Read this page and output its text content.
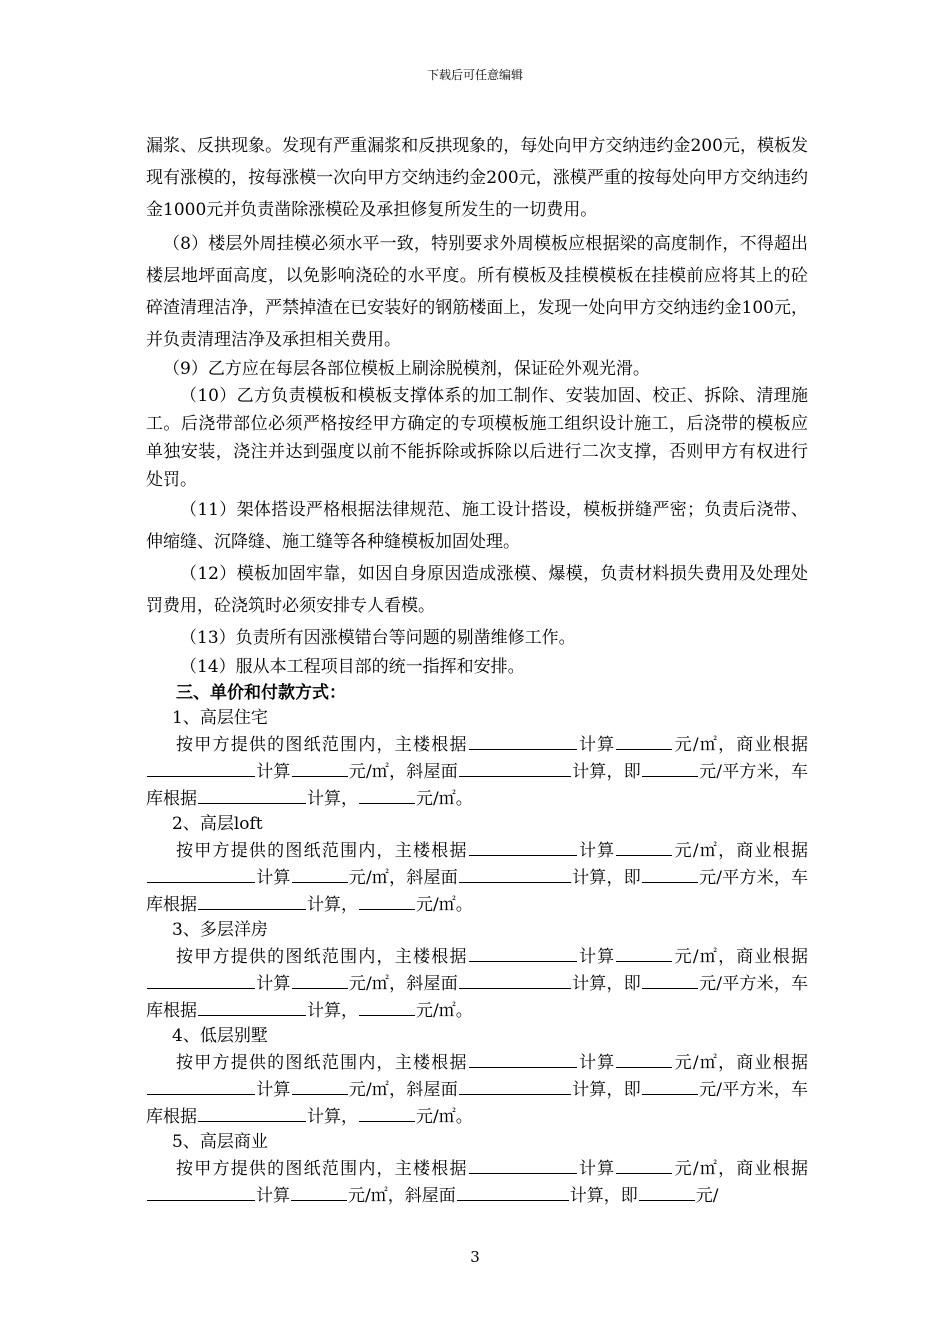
下载后可任意编辑

漏浆、反拱现象。发现有严重漏浆和反拱现象的，每处向甲方交纳违约金200元，模板发现有涨模的，按每涨模一次向甲方交纳违约金200元，涨模严重的按每处向甲方交纳违约金1000元并负责凿除涨模砼及承担修复所发生的一切费用。

（8）楼层外周挂模必须水平一致，特别要求外周模板应根据梁的高度制作，不得超出楼层地坪面高度，以免影响浇砼的水平度。所有模板及挂模模板在挂模前应将其上的砼碎渣清理洁净，严禁掉渣在已安装好的钢筋楼面上，发现一处向甲方交纳违约金100元，并负责清理洁净及承担相关费用。

（9）乙方应在每层各部位模板上刷涂脱模剂，保证砼外观光滑。

（10）乙方负责模板和模板支撑体系的加工制作、安装加固、校正、拆除、清理施工。后浇带部位必须严格按经甲方确定的专项模板施工组织设计施工，后浇带的模板应单独安装，浇注并达到强度以前不能拆除或拆除以后进行二次支撑，否则甲方有权进行处罚。

（11）架体搭设严格根据法律规范、施工设计搭设，模板拼缝严密；负责后浇带、伸缩缝、沉降缝、施工缝等各种缝模板加固处理。

（12）模板加固牢靠，如因自身原因造成涨模、爆模，负责材料损失费用及处理处罚费用，砼浇筑时必须安排专人看模。

（13）负责所有因涨模错台等问题的剔凿维修工作。

（14）服从本工程项目部的统一指挥和安排。

三、单价和付款方式：

1、高层住宅

按甲方提供的图纸范围内，主楼根据	计算	元/㎡，商业根据计算	元/㎡，斜屋面	计算，即	元/平方米，车库根据	计算，	元/㎡。

2、高层loft

按甲方提供的图纸范围内，主楼根据	计算	元/㎡，商业根据计算	元/㎡，斜屋面	计算，即	元/平方米，车库根据	计算，	元/㎡。

3、多层洋房

按甲方提供的图纸范围内，主楼根据	计算	元/㎡，商业根据计算	元/㎡，斜屋面	计算，即	元/平方米，车库根据	计算，	元/㎡。

4、低层别墅

按甲方提供的图纸范围内，主楼根据	计算	元/㎡，商业根据计算	元/㎡，斜屋面	计算，即	元/平方米，车库根据	计算，	元/㎡。

5、高层商业

按甲方提供的图纸范围内，主楼根据	计算	元/㎡，商业根据计算	元/㎡，斜屋面	计算，即	元/

3
